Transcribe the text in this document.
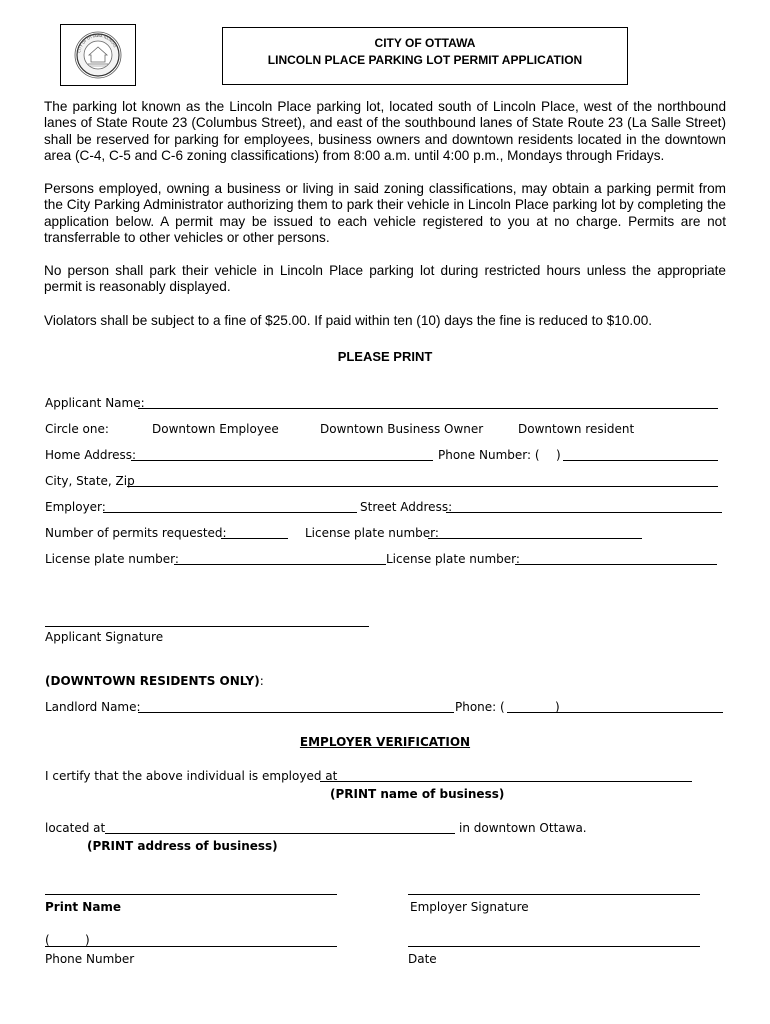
CITY OF OTTAWA ILLINOIS	CITY OF OTTAWA
LINCOLN PLACE PARKING LOT PERMIT APPLICATION
The parking lot known as the Lincoln Place parking lot, located south of Lincoln Place, west of the northbound lanes of State Route 23 (Columbus Street), and east of the southbound lanes of State Route 23 (La Salle Street) shall be reserved for parking for employees, business owners and downtown residents located in the downtown area (C-4, C-5 and C-6 zoning classifications) from 8:00 a.m. until 4:00 p.m., Mondays through Fridays.
Persons employed, owning a business or living in said zoning classifications, may obtain a parking permit from the City Parking Administrator authorizing them to park their vehicle in Lincoln Place parking lot by completing the application below. A permit may be issued to each vehicle registered to you at no charge. Permits are not transferrable to other vehicles or other persons.
No person shall park their vehicle in Lincoln Place parking lot during restricted hours unless the appropriate permit is reasonably displayed.
Violators shall be subject to a fine of $25.00. If paid within ten (10) days the fine is reduced to $10.00.
PLEASE PRINT
Applicant Name:
Circle one:	Downtown Employee	Downtown Business Owner	Downtown resident
Home Address:	Phone Number: ( )
City, State, Zip
Employer:	Street Address:
Number of permits requested:	License plate number:
License plate number:	License plate number:
Applicant Signature
(DOWNTOWN RESIDENTS ONLY):
Landlord Name:	Phone: (	)
EMPLOYER VERIFICATION
I certify that the above individual is employed at
(PRINT name of business)
located at	in downtown Ottawa.
(PRINT address of business)
Print Name	Employer Signature
(	)
Phone Number	Date
